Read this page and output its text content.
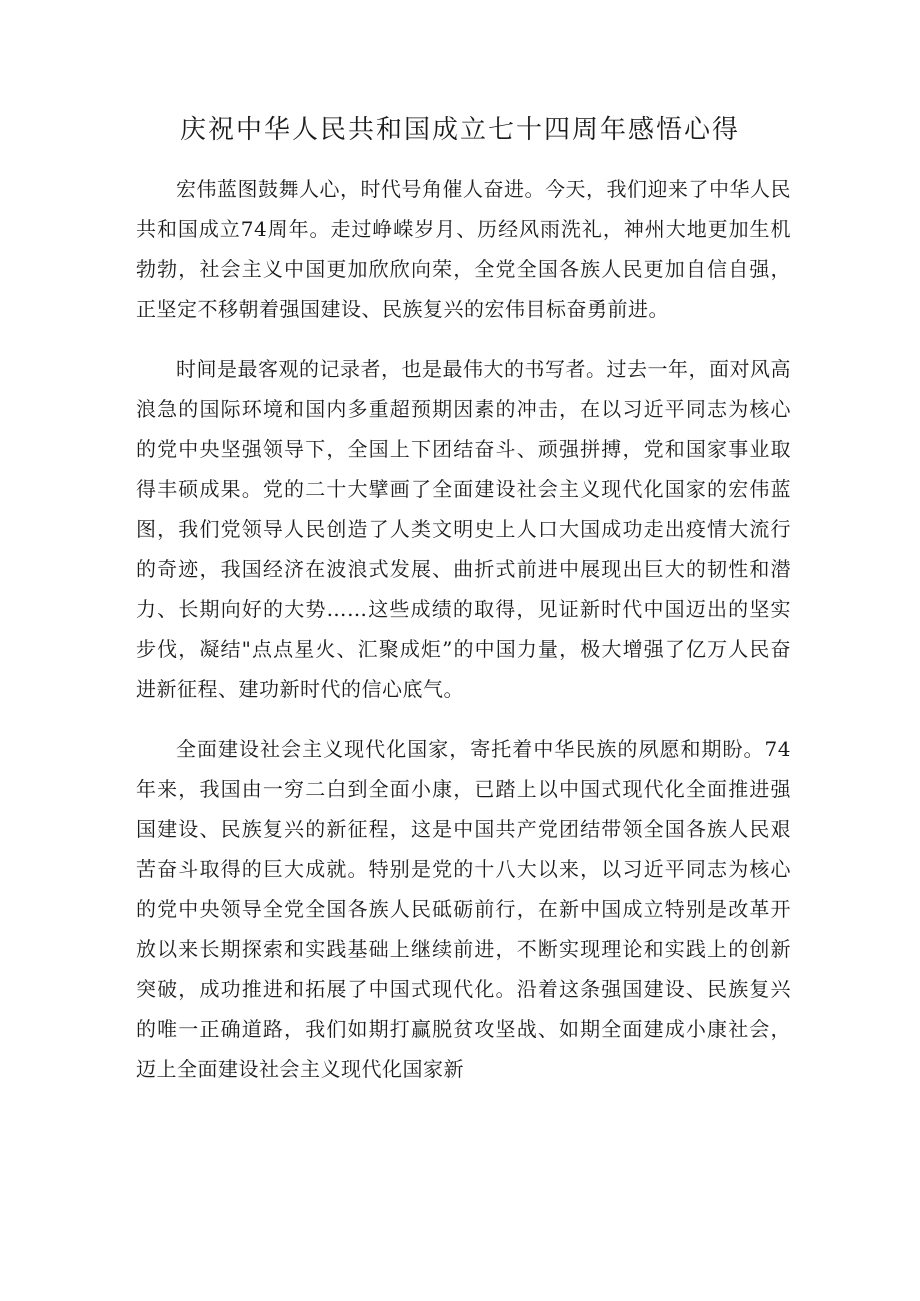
庆祝中华人民共和国成立七十四周年感悟心得

宏伟蓝图鼓舞人心，时代号角催人奋进。今天，我们迎来了中华人民共和国成立74周年。走过峥嵘岁月、历经风雨洗礼，神州大地更加生机勃勃，社会主义中国更加欣欣向荣，全党全国各族人民更加自信自强，正坚定不移朝着强国建设、民族复兴的宏伟目标奋勇前进。

时间是最客观的记录者，也是最伟大的书写者。过去一年，面对风高浪急的国际环境和国内多重超预期因素的冲击，在以习近平同志为核心的党中央坚强领导下，全国上下团结奋斗、顽强拼搏，党和国家事业取得丰硕成果。党的二十大擘画了全面建设社会主义现代化国家的宏伟蓝图，我们党领导人民创造了人类文明史上人口大国成功走出疫情大流行的奇迹，我国经济在波浪式发展、曲折式前进中展现出巨大的韧性和潜力、长期向好的大势……这些成绩的取得，见证新时代中国迈出的坚实步伐，凝结"点点星火、汇聚成炬”的中国力量，极大增强了亿万人民奋进新征程、建功新时代的信心底气。

全面建设社会主义现代化国家，寄托着中华民族的夙愿和期盼。74年来，我国由一穷二白到全面小康，已踏上以中国式现代化全面推进强国建设、民族复兴的新征程，这是中国共产党团结带领全国各族人民艰苦奋斗取得的巨大成就。特别是党的十八大以来，以习近平同志为核心的党中央领导全党全国各族人民砥砺前行，在新中国成立特别是改革开放以来长期探索和实践基础上继续前进，不断实现理论和实践上的创新突破，成功推进和拓展了中国式现代化。沿着这条强国建设、民族复兴的唯一正确道路，我们如期打赢脱贫攻坚战、如期全面建成小康社会，迈上全面建设社会主义现代化国家新
